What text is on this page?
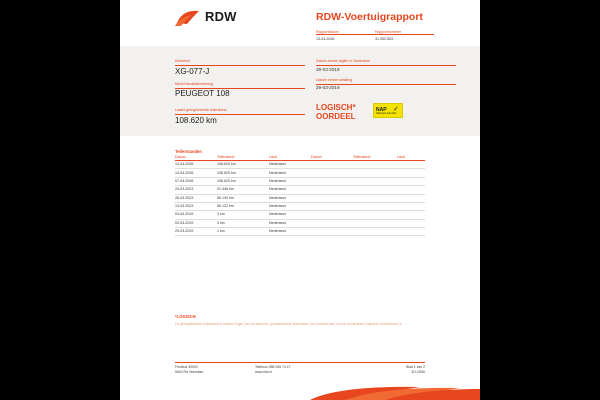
RDW	RDW-Voertuigrapport
Rapportdatum	Rapportnummer
13-04-2026	31.052.603
Kenteken
XG-077-J
Merk/Handelsbenaming
PEUGEOT 108
Laatst geregistreerde tellerstand
108.620 km
Datum eerste afgifte in Nederland
29-03-2019
Datum eerste toelating
29-03-2019
LOGISCH*
OORDEEL
NAP ✓
Nationale Auto Pas
Tellerstanden
Datum	Tellerstand	Land	Datum	Tellerstand	Land
13-04-2026	108.620 km	Nederland
13-04-2026	108.620 km	Nederland
07-04-2026	108.620 km	Nederland
24-03-2023	91.346 km	Nederland
26-03-2023	59.130 km	Nederland
13-03-2023	59.122 km	Nederland
04-04-2019	3 km	Nederland
03-04-2019	3 km	Nederland
29-03-2019	1 km	Nederland
*LOGISCH
De geregistreerde tellerstand is telkens hoger dan de daarvoor geregistreerde tellerstand. Als voertuist dan ook de achterstand ingeschr verkleinbaar is.
Postbus 30000
9640 RA Veendam
Telefoon 088 008 74 47
www.rdw.nl
Blad 1 van 2
3G-NSW
